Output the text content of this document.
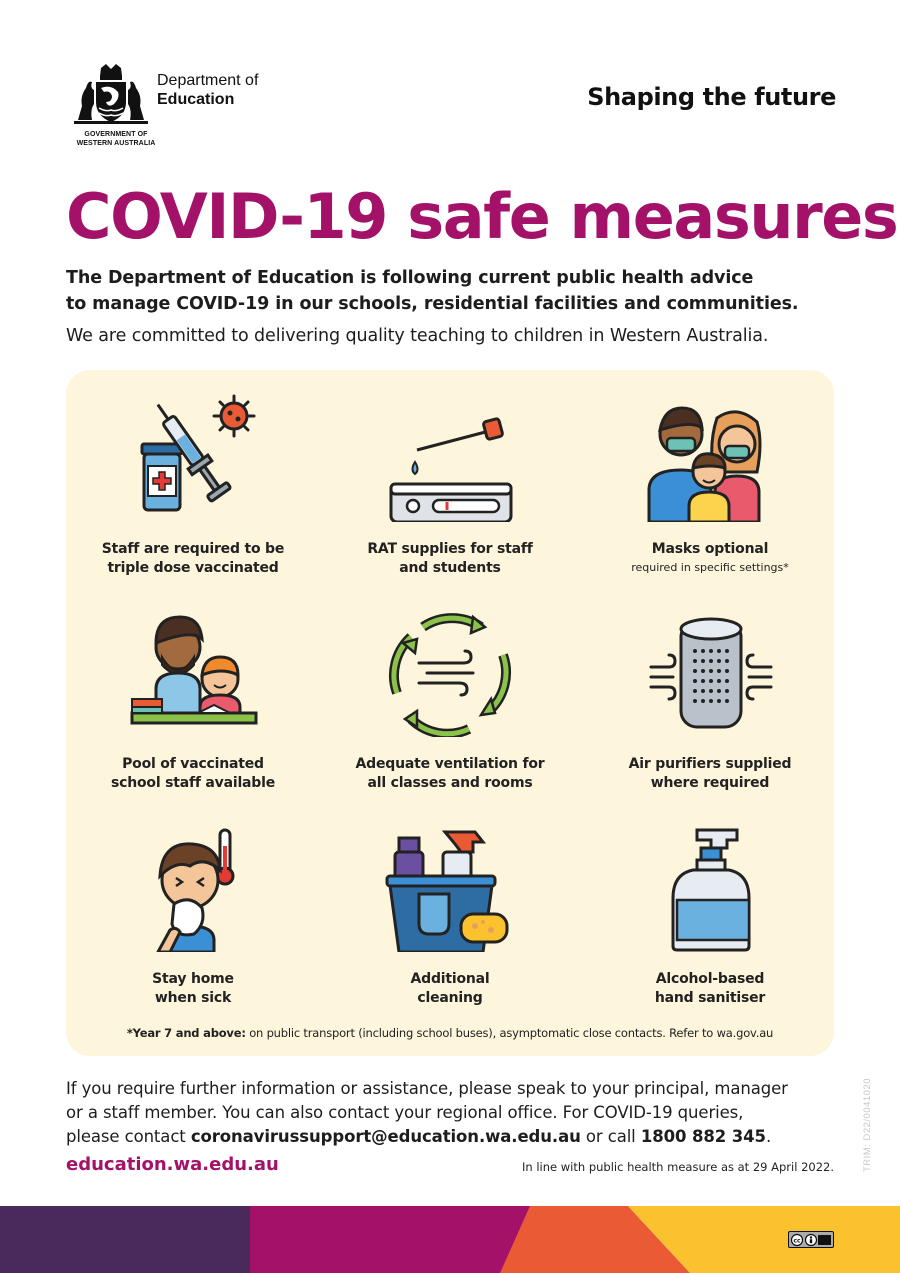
GOVERNMENT OF
WESTERN AUSTRALIA
Department of
Education	Shaping the future
COVID-19 safe measures
The Department of Education is following current public health advice
to manage COVID-19 in our schools, residential facilities and communities.
We are committed to delivering quality teaching to children in Western Australia.
Staff are required to be
triple dose vaccinated
RAT supplies for staff
and students
Masks optional
required in specific settings*
Pool of vaccinated
school staff available
Adequate ventilation for
all classes and rooms
Air purifiers supplied
where required
Stay home
when sick
Additional
cleaning
Alcohol-based
hand sanitiser
*Year 7 and above: on public transport (including school buses), asymptomatic close contacts. Refer to wa.gov.au
If you require further information or assistance, please speak to your principal, manager
or a staff member. You can also contact your regional office. For COVID-19 queries,
please contact coronavirussupport@education.wa.edu.au or call 1800 882 345.
education.wa.edu.au	In line with public health measure as at 29 April 2022.	TRIM: D22/0041020
cc
